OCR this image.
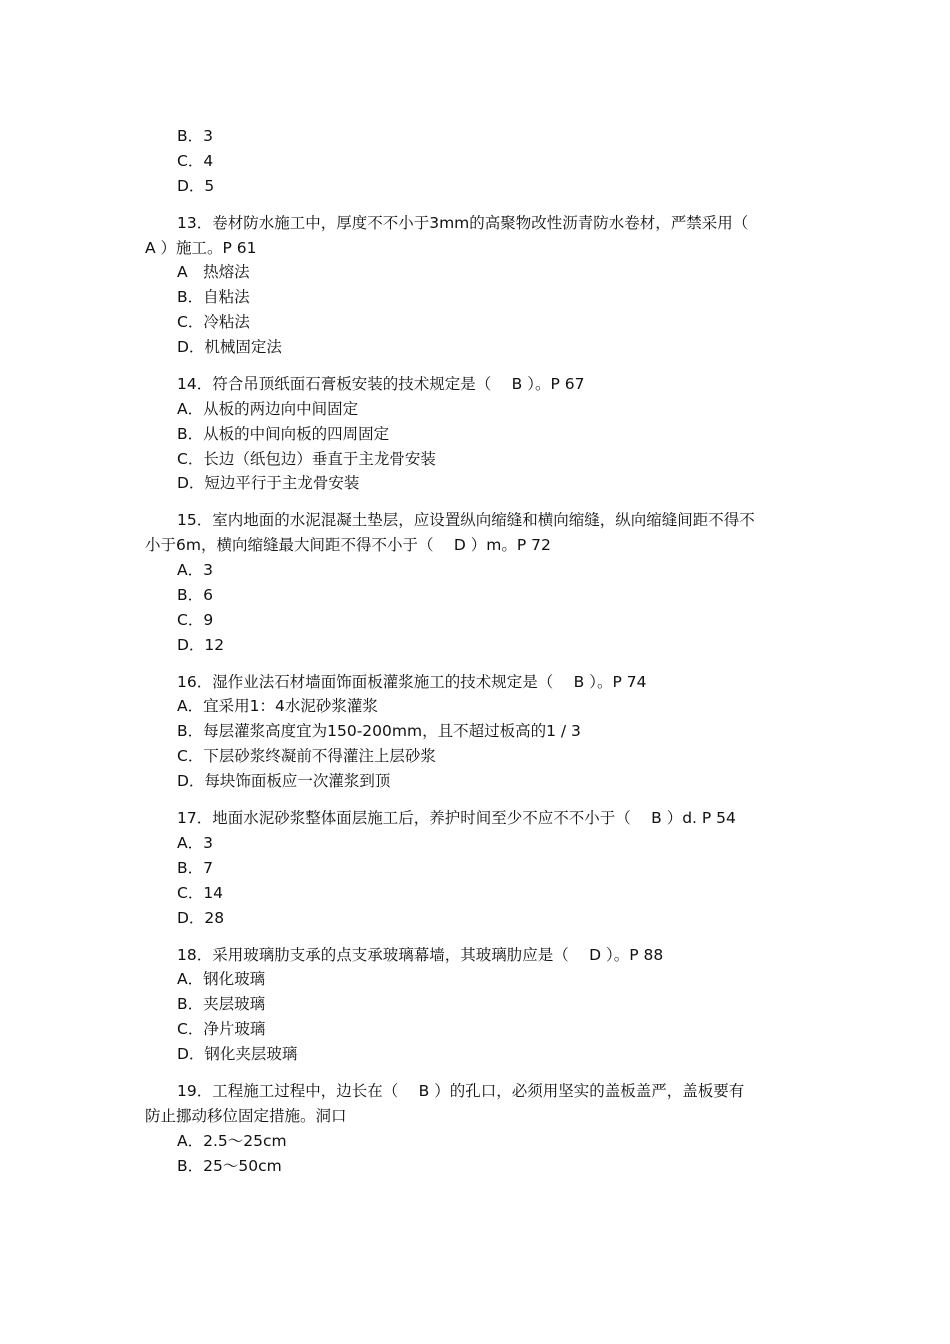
B．3
C．4
D．5
13．卷材防水施工中，厚度不不小于3mm的高聚物改性沥青防水卷材，严禁采用（
A ）施工。P 61
A　热熔法
B．自粘法
C．冷粘法
D．机械固定法
14．符合吊顶纸面石膏板安装的技术规定是（　 B ）。P 67
A．从板的两边向中间固定
B．从板的中间向板的四周固定
C．长边（纸包边）垂直于主龙骨安装
D．短边平行于主龙骨安装
15．室内地面的水泥混凝土垫层，应设置纵向缩缝和横向缩缝，纵向缩缝间距不得不
小于6m，横向缩缝最大间距不得不小于（　 D ）m。P 72
A．3
B．6
C．9
D．12
16．湿作业法石材墙面饰面板灌浆施工的技术规定是（　 B ）。P 74
A．宜采用1：4水泥砂浆灌浆
B．每层灌浆高度宜为150-200mm，且不超过板高的1 / 3
C．下层砂浆终凝前不得灌注上层砂浆
D．每块饰面板应一次灌浆到顶
17．地面水泥砂浆整体面层施工后，养护时间至少不应不不小于（　 B ）d. P 54
A．3
B．7
C．14
D．28
18．采用玻璃肋支承的点支承玻璃幕墙，其玻璃肋应是（　 D ）。P 88
A．钢化玻璃
B．夹层玻璃
C．净片玻璃
D．钢化夹层玻璃
19．工程施工过程中，边长在（　 B ）的孔口，必须用坚实的盖板盖严，盖板要有
防止挪动移位固定措施。洞口
A．2.5～25cm
B．25～50cm
